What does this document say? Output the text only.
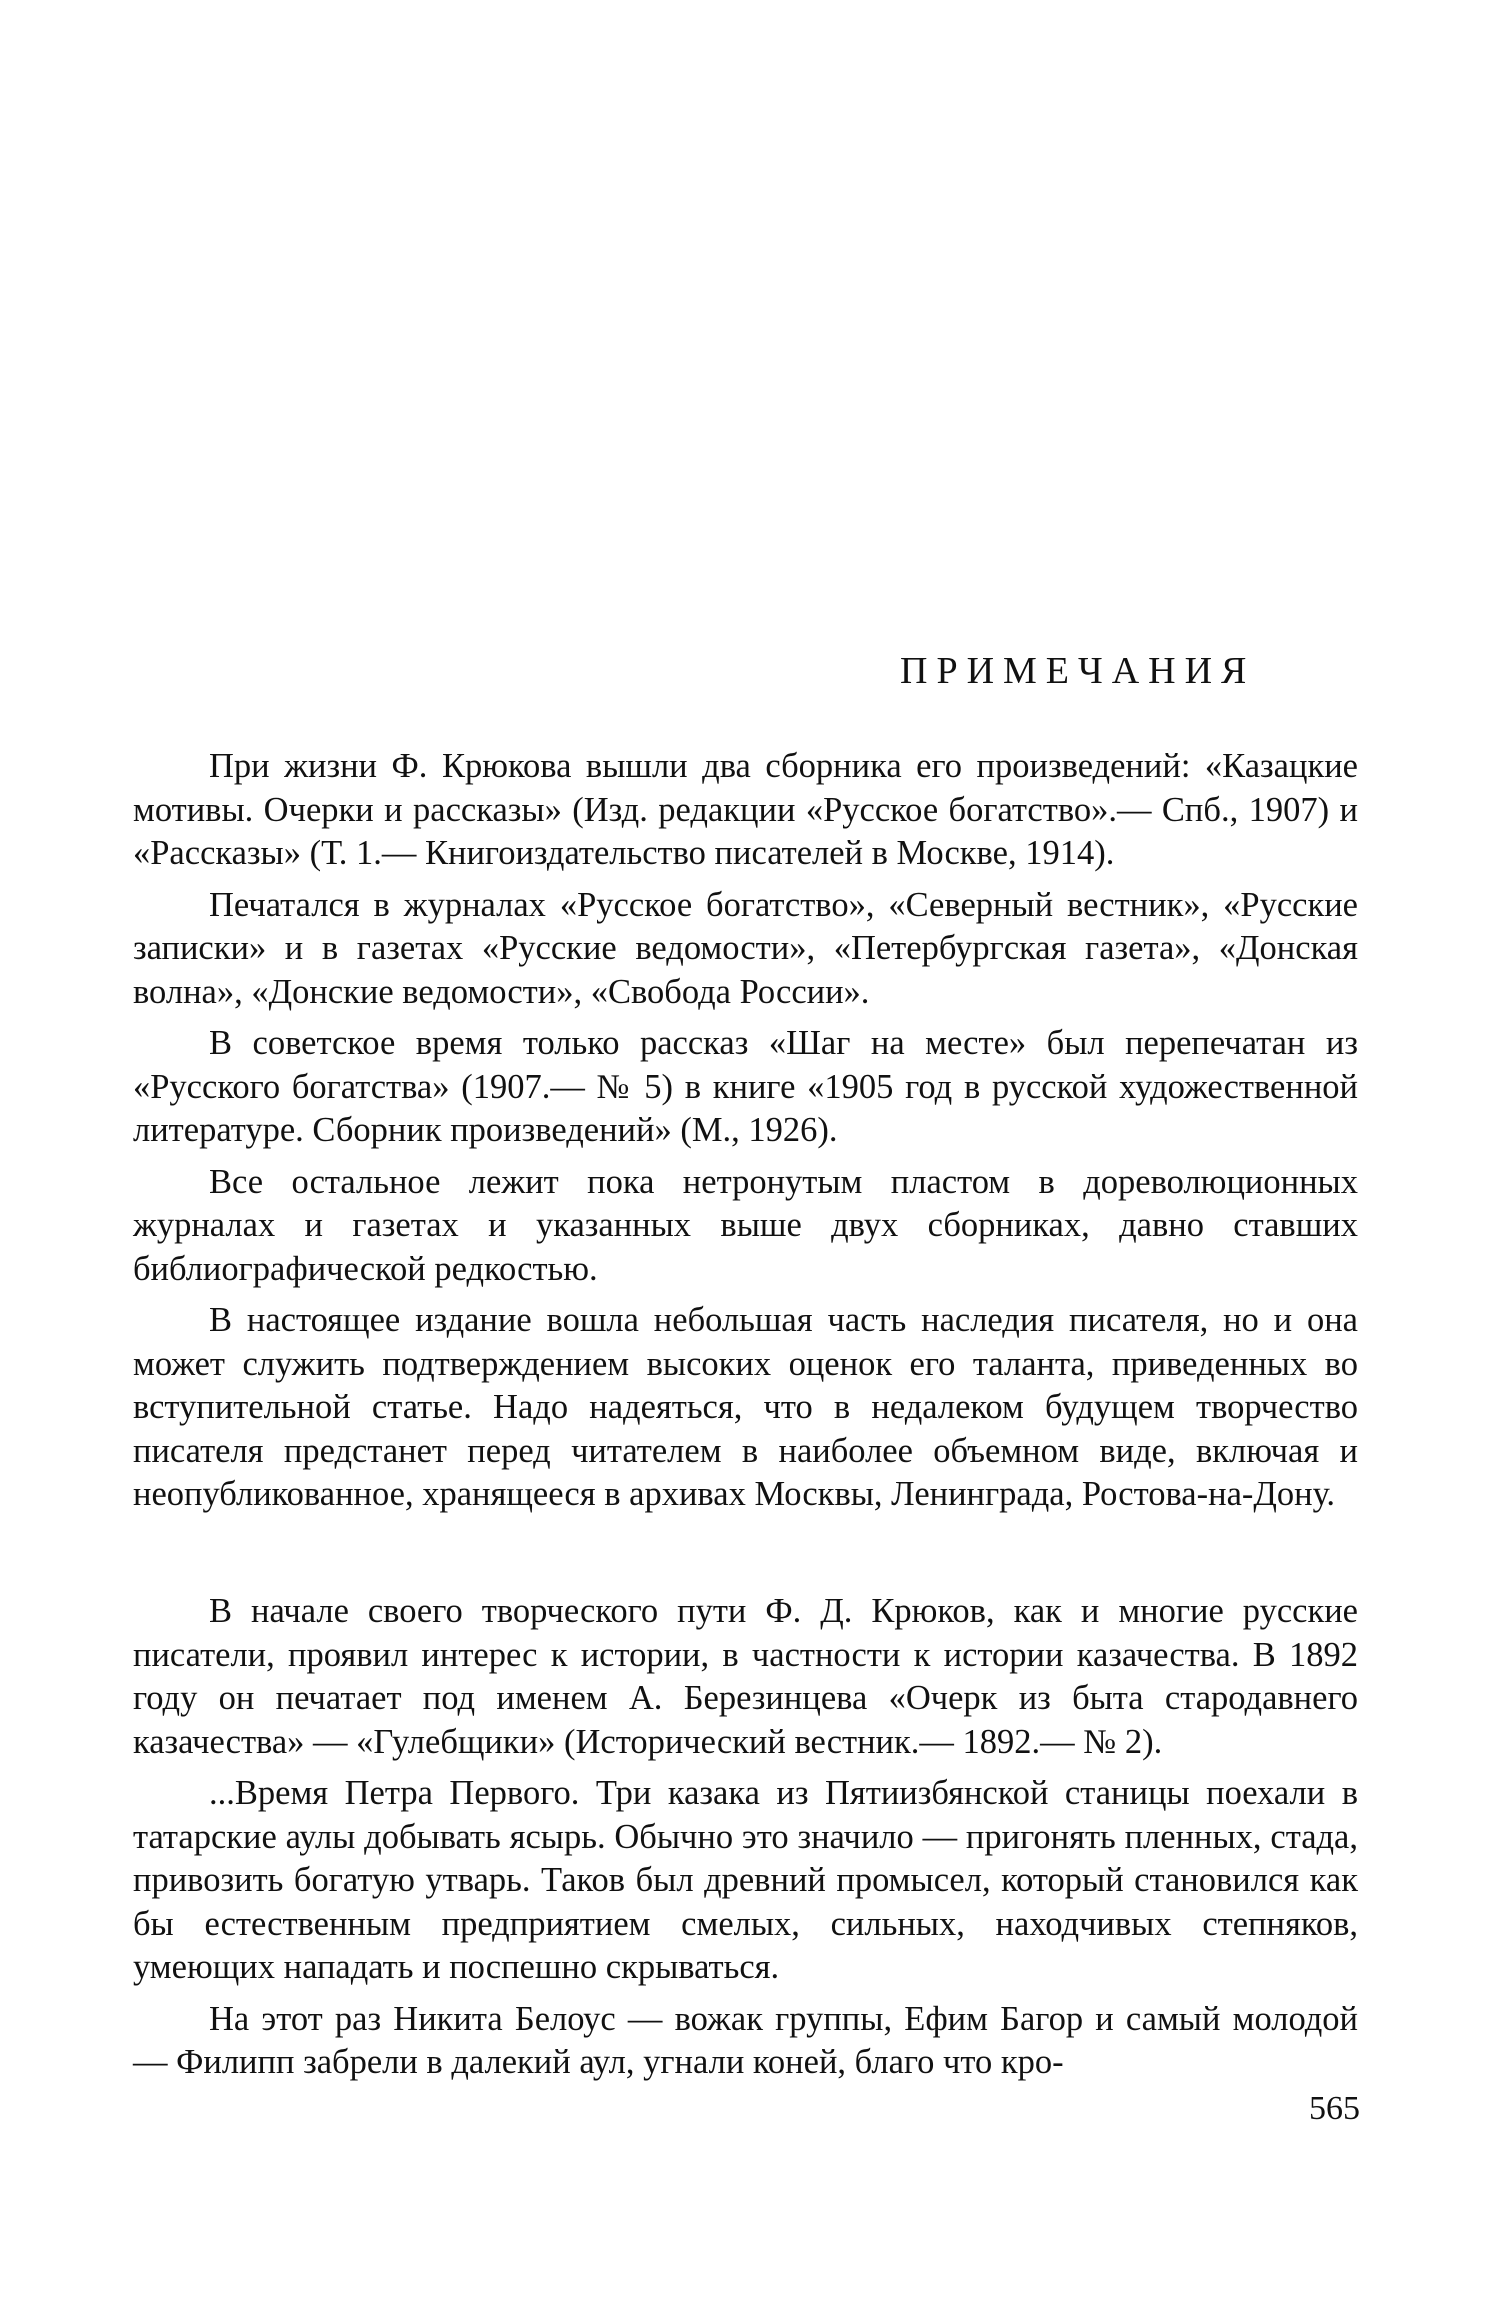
ПРИМЕЧАНИЯ

При жизни Ф. Крюкова вышли два сборника его произведений: «Казацкие мотивы. Очерки и рассказы» (Изд. редакции «Русское богатство».— Спб., 1907) и «Рассказы» (Т. 1.— Книгоиздательство писателей в Москве, 1914).

Печатался в журналах «Русское богатство», «Северный вестник», «Русские записки» и в газетах «Русские ведомости», «Петербургская газета», «Донская волна», «Донские ведомости», «Свобода России».

В советское время только рассказ «Шаг на месте» был перепечатан из «Русского богатства» (1907.— № 5) в книге «1905 год в русской художественной литературе. Сборник произведений» (М., 1926).

Все остальное лежит пока нетронутым пластом в дореволюционных журналах и газетах и указанных выше двух сборниках, давно ставших библиографической редкостью.

В настоящее издание вошла небольшая часть наследия писателя, но и она может служить подтверждением высоких оценок его таланта, приведенных во вступительной статье. Надо надеяться, что в недалеком будущем творчество писателя предстанет перед читателем в наиболее объемном виде, включая и неопубликованное, хранящееся в архивах Москвы, Ленинграда, Ростова-на-Дону.

В начале своего творческого пути Ф. Д. Крюков, как и многие русские писатели, проявил интерес к истории, в частности к истории казачества. В 1892 году он печатает под именем А. Березинцева «Очерк из быта стародавнего казачества» — «Гулебщики» (Исторический вестник.— 1892.— № 2).

...Время Петра Первого. Три казака из Пятиизбянской станицы поехали в татарские аулы добывать ясырь. Обычно это значило — пригонять пленных, стада, привозить богатую утварь. Таков был древний промысел, который становился как бы естественным предприятием смелых, сильных, находчивых степняков, умеющих нападать и поспешно скрываться.

На этот раз Никита Белоус — вожак группы, Ефим Багор и самый молодой — Филипп забрели в далекий аул, угнали коней, благо что кро-

565
